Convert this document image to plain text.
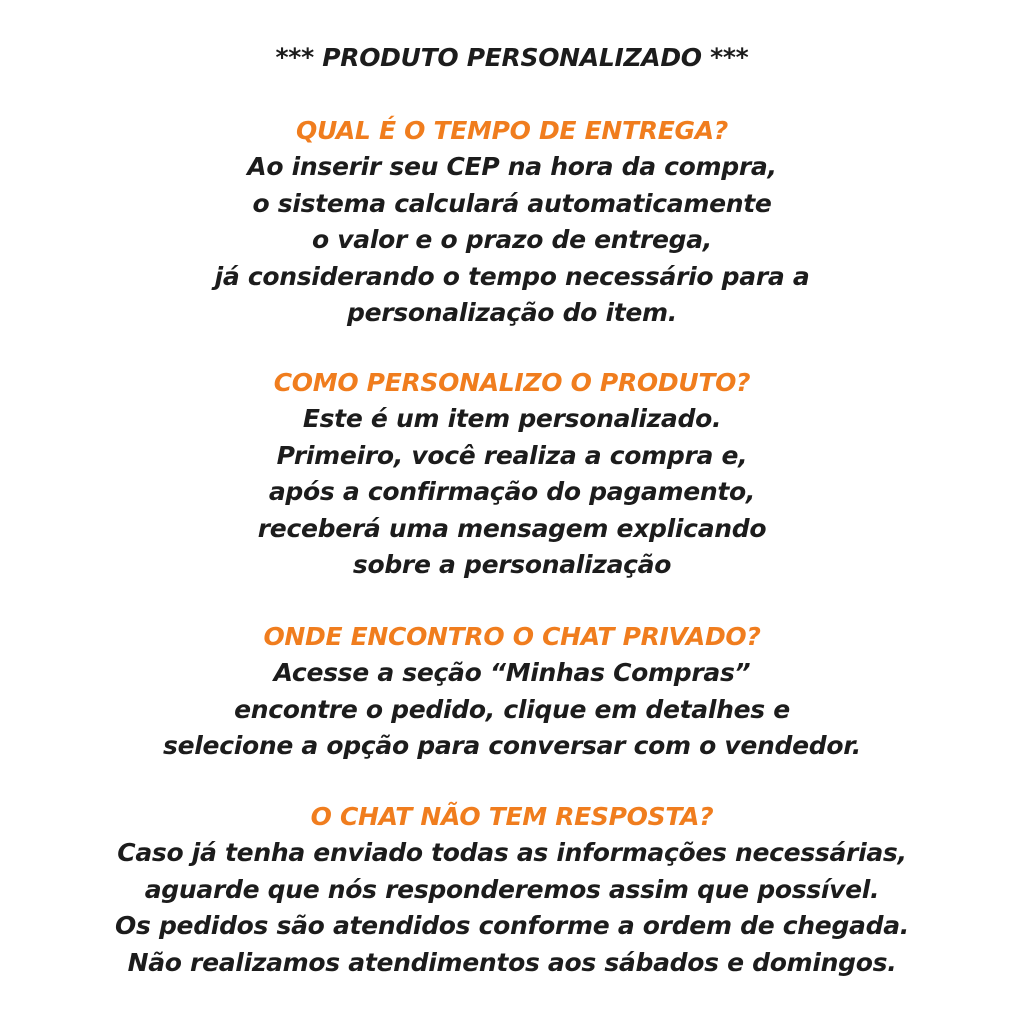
*** PRODUTO PERSONALIZADO ***
QUAL É O TEMPO DE ENTREGA?
Ao inserir seu CEP na hora da compra,
o sistema calculará automaticamente
o valor e o prazo de entrega,
já considerando o tempo necessário para a
personalização do item.
COMO PERSONALIZO O PRODUTO?
Este é um item personalizado.
Primeiro, você realiza a compra e,
após a confirmação do pagamento,
receberá uma mensagem explicando
sobre a personalização
ONDE ENCONTRO O CHAT PRIVADO?
Acesse a seção “Minhas Compras”
encontre o pedido, clique em detalhes e
selecione a opção para conversar com o vendedor.
O CHAT NÃO TEM RESPOSTA?
Caso já tenha enviado todas as informações necessárias,
aguarde que nós responderemos assim que possível.
Os pedidos são atendidos conforme a ordem de chegada.
Não realizamos atendimentos aos sábados e domingos.
